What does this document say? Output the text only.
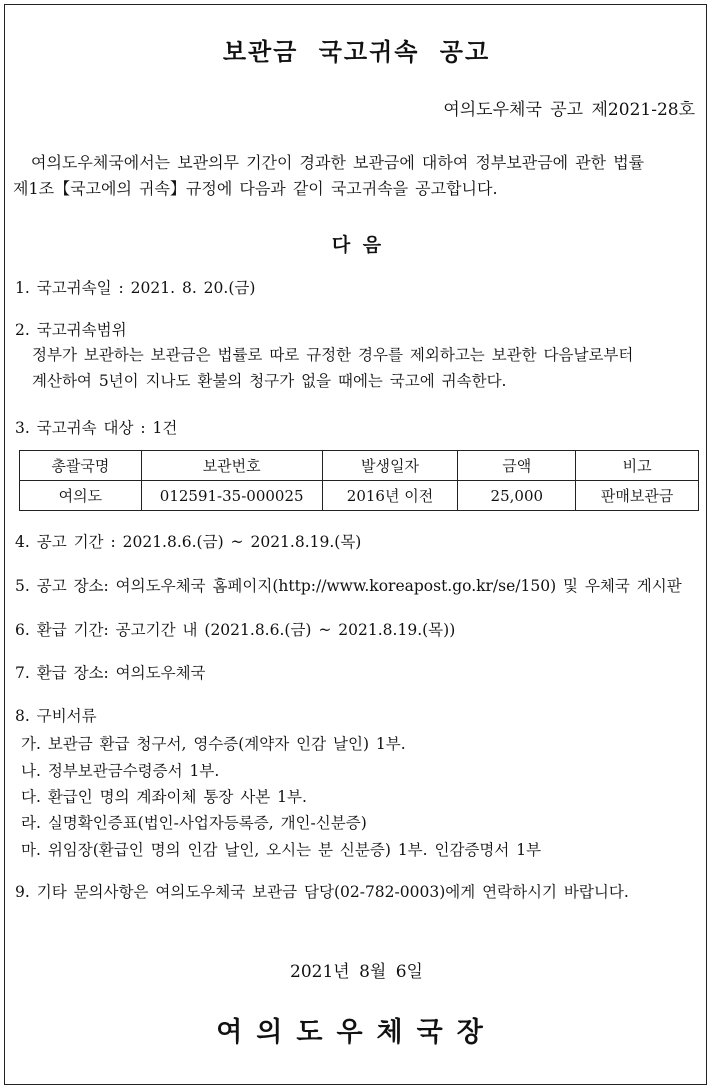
보관금 국고귀속 공고
여의도우체국 공고 제2021-28호
여의도우체국에서는 보관의무 기간이 경과한 보관금에 대하여 정부보관금에 관한 법률
제1조【국고에의 귀속】규정에 다음과 같이 국고귀속을 공고합니다.
다 음
1. 국고귀속일 : 2021. 8. 20.(금)
2. 국고귀속범위
정부가 보관하는 보관금은 법률로 따로 규정한 경우를 제외하고는 보관한 다음날로부터
계산하여 5년이 지나도 환불의 청구가 없을 때에는 국고에 귀속한다.
3. 국고귀속 대상 : 1건
총괄국명	보관번호	발생일자	금액	비고
여의도	012591-35-000025	2016년 이전	25,000	판매보관금
4. 공고 기간 : 2021.8.6.(금) ~ 2021.8.19.(목)
5. 공고 장소: 여의도우체국 홈페이지(http://www.koreapost.go.kr/se/150) 및 우체국 게시판
6. 환급 기간: 공고기간 내 (2021.8.6.(금) ~ 2021.8.19.(목))
7. 환급 장소: 여의도우체국
8. 구비서류
가. 보관금 환급 청구서, 영수증(계약자 인감 날인) 1부.
나. 정부보관금수령증서 1부.
다. 환급인 명의 계좌이체 통장 사본 1부.
라. 실명확인증표(법인-사업자등록증, 개인-신분증)
마. 위임장(환급인 명의 인감 날인, 오시는 분 신분증) 1부. 인감증명서 1부
9. 기타 문의사항은 여의도우체국 보관금 담당(02-782-0003)에게 연락하시기 바랍니다.
2021년 8월 6일
여의도우체국장
